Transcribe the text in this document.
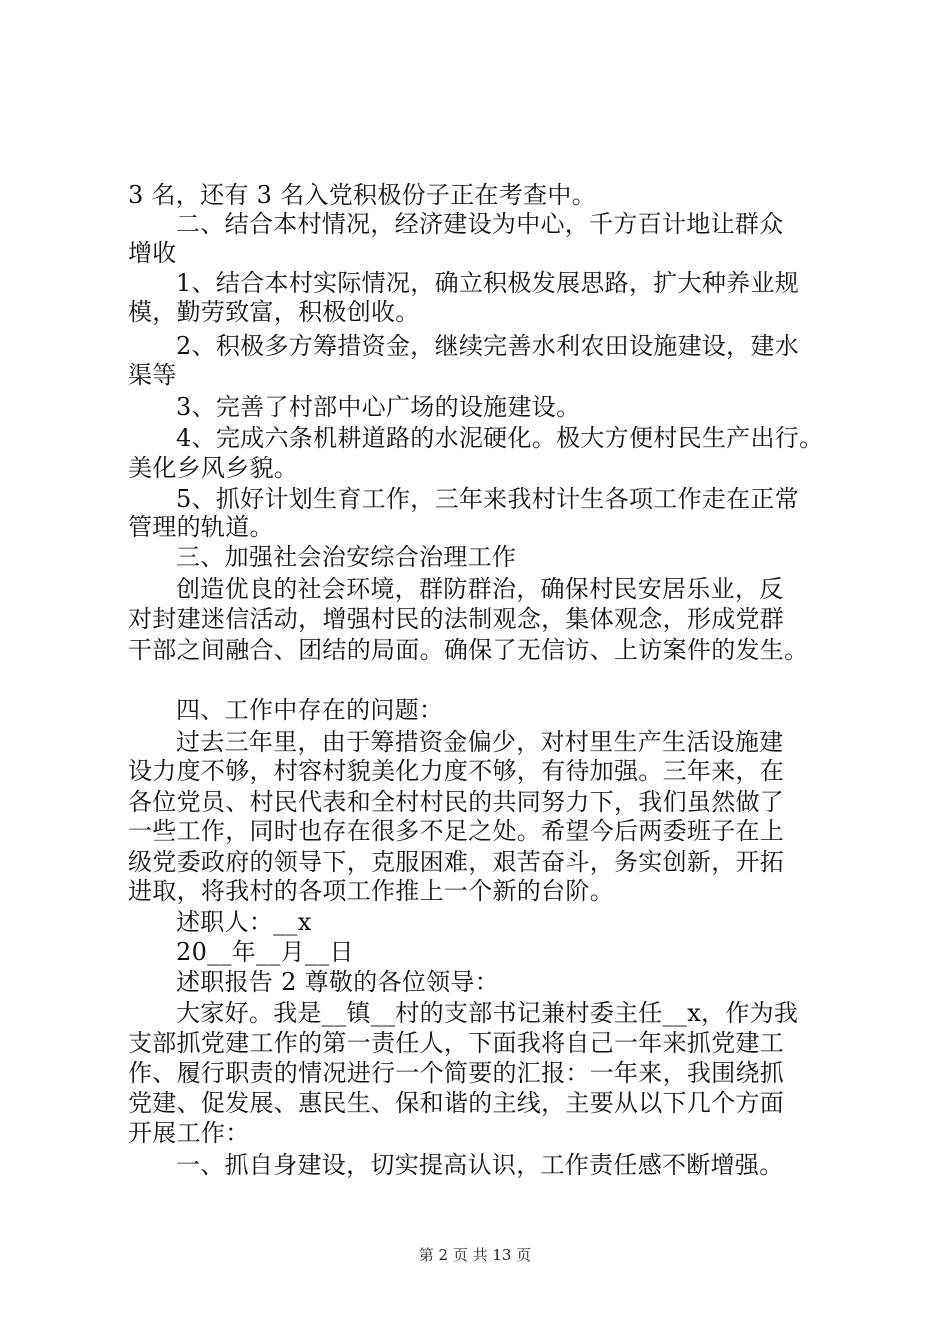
3 名，还有 3 名入党积极份子正在考查中。
二、结合本村情况，经济建设为中心，千方百计地让群众
增收
1、结合本村实际情况，确立积极发展思路，扩大种养业规
模，勤劳致富，积极创收。
2、积极多方筹措资金，继续完善水利农田设施建设，建水
渠等
3、完善了村部中心广场的设施建设。
4、完成六条机耕道路的水泥硬化。极大方便村民生产出行。
美化乡风乡貌。
5、抓好计划生育工作，三年来我村计生各项工作走在正常
管理的轨道。
三、加强社会治安综合治理工作
创造优良的社会环境，群防群治，确保村民安居乐业，反
对封建迷信活动，增强村民的法制观念，集体观念，形成党群
干部之间融合、团结的局面。确保了无信访、上访案件的发生。
四、工作中存在的问题：
过去三年里，由于筹措资金偏少，对村里生产生活设施建
设力度不够，村容村貌美化力度不够，有待加强。三年来，在
各位党员、村民代表和全村村民的共同努力下，我们虽然做了
一些工作，同时也存在很多不足之处。希望今后两委班子在上
级党委政府的领导下，克服困难，艰苦奋斗，务实创新，开拓
进取，将我村的各项工作推上一个新的台阶。
述职人：__x
20__年__月__日
述职报告 2 尊敬的各位领导：
大家好。我是__镇__村的支部书记兼村委主任__x，作为我
支部抓党建工作的第一责任人，下面我将自己一年来抓党建工
作、履行职责的情况进行一个简要的汇报：一年来，我围绕抓
党建、促发展、惠民生、保和谐的主线，主要从以下几个方面
开展工作：
一、抓自身建设，切实提高认识，工作责任感不断增强。
第 2 页 共 13 页
